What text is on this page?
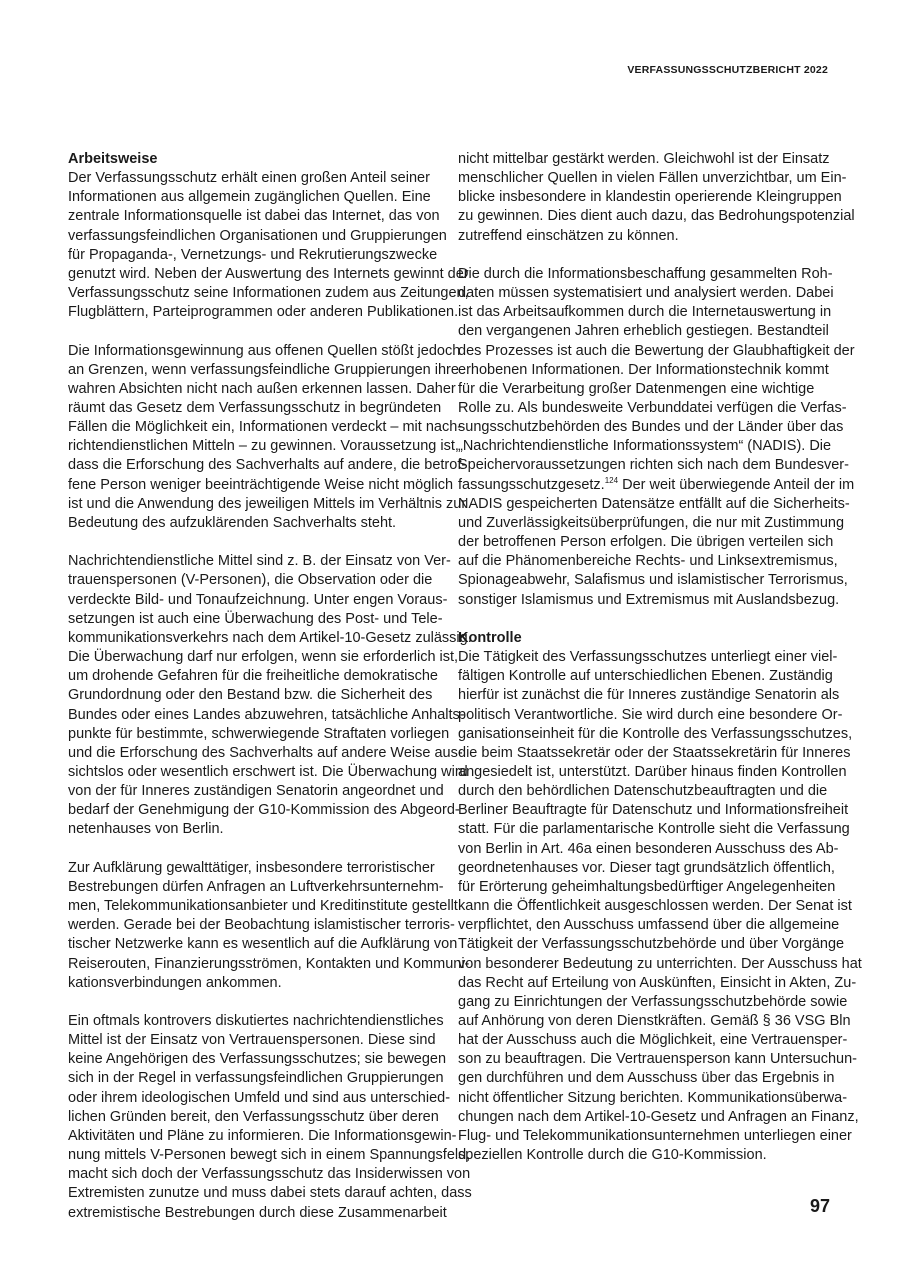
VERFASSUNGSSCHUTZBERICHT 2022
Arbeitsweise
Der Verfassungsschutz erhält einen großen Anteil seiner
Informationen aus allgemein zugänglichen Quellen. Eine
zentrale Informationsquelle ist dabei das Internet, das von
verfassungsfeindlichen Organisationen und Gruppierungen
für Propaganda-, Vernetzungs- und Rekrutierungszwecke
genutzt wird. Neben der Auswertung des Internets gewinnt der
Verfassungsschutz seine Informationen zudem aus Zeitungen,
Flugblättern, Parteiprogrammen oder anderen Publikationen.
Die Informationsgewinnung aus offenen Quellen stößt jedoch
an Grenzen, wenn verfassungsfeindliche Gruppierungen ihre
wahren Absichten nicht nach außen erkennen lassen. Daher
räumt das Gesetz dem Verfassungsschutz in begründeten
Fällen die Möglichkeit ein, Informationen verdeckt – mit nach-
richtendienstlichen Mitteln – zu gewinnen. Voraussetzung ist,
dass die Erforschung des Sachverhalts auf andere, die betrof-
fene Person weniger beeinträchtigende Weise nicht möglich
ist und die Anwendung des jeweiligen Mittels im Verhältnis zur
Bedeutung des aufzuklärenden Sachverhalts steht.
Nachrichtendienstliche Mittel sind z. B. der Einsatz von Ver-
trauenspersonen (V-Personen), die Observation oder die
verdeckte Bild- und Tonaufzeichnung. Unter engen Voraus-
setzungen ist auch eine Überwachung des Post- und Tele-
kommunikationsverkehrs nach dem Artikel-10-Gesetz zulässig.
Die Überwachung darf nur erfolgen, wenn sie erforderlich ist,
um drohende Gefahren für die freiheitliche demokratische
Grundordnung oder den Bestand bzw. die Sicherheit des
Bundes oder eines Landes abzuwehren, tatsächliche Anhalts-
punkte für bestimmte, schwerwiegende Straftaten vorliegen
und die Erforschung des Sachverhalts auf andere Weise aus-
sichtslos oder wesentlich erschwert ist. Die Überwachung wird
von der für Inneres zuständigen Senatorin angeordnet und
bedarf der Genehmigung der G10-Kommission des Abgeord-
netenhauses von Berlin.
Zur Aufklärung gewalttätiger, insbesondere terroristischer
Bestrebungen dürfen Anfragen an Luftverkehrsunternehm-
men, Telekommunikationsanbieter und Kreditinstitute gestellt
werden. Gerade bei der Beobachtung islamistischer terroris-
tischer Netzwerke kann es wesentlich auf die Aufklärung von
Reiserouten, Finanzierungsströmen, Kontakten und Kommuni-
kationsverbindungen ankommen.
Ein oftmals kontrovers diskutiertes nachrichtendienstliches
Mittel ist der Einsatz von Vertrauenspersonen. Diese sind
keine Angehörigen des Verfassungsschutzes; sie bewegen
sich in der Regel in verfassungsfeindlichen Gruppierungen
oder ihrem ideologischen Umfeld und sind aus unterschied-
lichen Gründen bereit, den Verfassungsschutz über deren
Aktivitäten und Pläne zu informieren. Die Informationsgewin-
nung mittels V-Personen bewegt sich in einem Spannungsfeld,
macht sich doch der Verfassungsschutz das Insiderwissen von
Extremisten zunutze und muss dabei stets darauf achten, dass
extremistische Bestrebungen durch diese Zusammenarbeit
nicht mittelbar gestärkt werden. Gleichwohl ist der Einsatz
menschlicher Quellen in vielen Fällen unverzichtbar, um Ein-
blicke insbesondere in klandestin operierende Kleingruppen
zu gewinnen. Dies dient auch dazu, das Bedrohungspotenzial
zutreffend einschätzen zu können.
Die durch die Informationsbeschaffung gesammelten Roh-
daten müssen systematisiert und analysiert werden. Dabei
ist das Arbeitsaufkommen durch die Internetauswertung in
den vergangenen Jahren erheblich gestiegen. Bestandteil
des Prozesses ist auch die Bewertung der Glaubhaftigkeit der
erhobenen Informationen. Der Informationstechnik kommt
für die Verarbeitung großer Datenmengen eine wichtige
Rolle zu. Als bundesweite Verbunddatei verfügen die Verfas-
sungsschutzbehörden des Bundes und der Länder über das
„Nachrichtendienstliche Informationssystem“ (NADIS). Die
Speichervoraussetzungen richten sich nach dem Bundesver-
fassungsschutzgesetz.$^{124}$ Der weit überwiegende Anteil der im
NADIS gespeicherten Datensätze entfällt auf die Sicherheits-
und Zuverlässigkeitsüberprüfungen, die nur mit Zustimmung
der betroffenen Person erfolgen. Die übrigen verteilen sich
auf die Phänomenbereiche Rechts- und Linksextremismus,
Spionageabwehr, Salafismus und islamistischer Terrorismus,
sonstiger Islamismus und Extremismus mit Auslandsbezug.
Kontrolle
Die Tätigkeit des Verfassungsschutzes unterliegt einer viel-
fältigen Kontrolle auf unterschiedlichen Ebenen. Zuständig
hierfür ist zunächst die für Inneres zuständige Senatorin als
politisch Verantwortliche. Sie wird durch eine besondere Or-
ganisationseinheit für die Kontrolle des Verfassungsschutzes,
die beim Staatssekretär oder der Staatssekretärin für Inneres
angesiedelt ist, unterstützt. Darüber hinaus finden Kontrollen
durch den behördlichen Datenschutzbeauftragten und die
Berliner Beauftragte für Datenschutz und Informationsfreiheit
statt. Für die parlamentarische Kontrolle sieht die Verfassung
von Berlin in Art. 46a einen besonderen Ausschuss des Ab-
geordnetenhauses vor. Dieser tagt grundsätzlich öffentlich,
für Erörterung geheimhaltungsbedürftiger Angelegenheiten
kann die Öffentlichkeit ausgeschlossen werden. Der Senat ist
verpflichtet, den Ausschuss umfassend über die allgemeine
Tätigkeit der Verfassungsschutzbehörde und über Vorgänge
von besonderer Bedeutung zu unterrichten. Der Ausschuss hat
das Recht auf Erteilung von Auskünften, Einsicht in Akten, Zu-
gang zu Einrichtungen der Verfassungsschutzbehörde sowie
auf Anhörung von deren Dienstkräften. Gemäß § 36 VSG Bln
hat der Ausschuss auch die Möglichkeit, eine Vertrauensper-
son zu beauftragen. Die Vertrauensperson kann Untersuchun-
gen durchführen und dem Ausschuss über das Ergebnis in
nicht öffentlicher Sitzung berichten. Kommunikationsüberwa-
chungen nach dem Artikel-10-Gesetz und Anfragen an Finanz,
Flug- und Telekommunikationsunternehmen unterliegen einer
speziellen Kontrolle durch die G10-Kommission.
97
